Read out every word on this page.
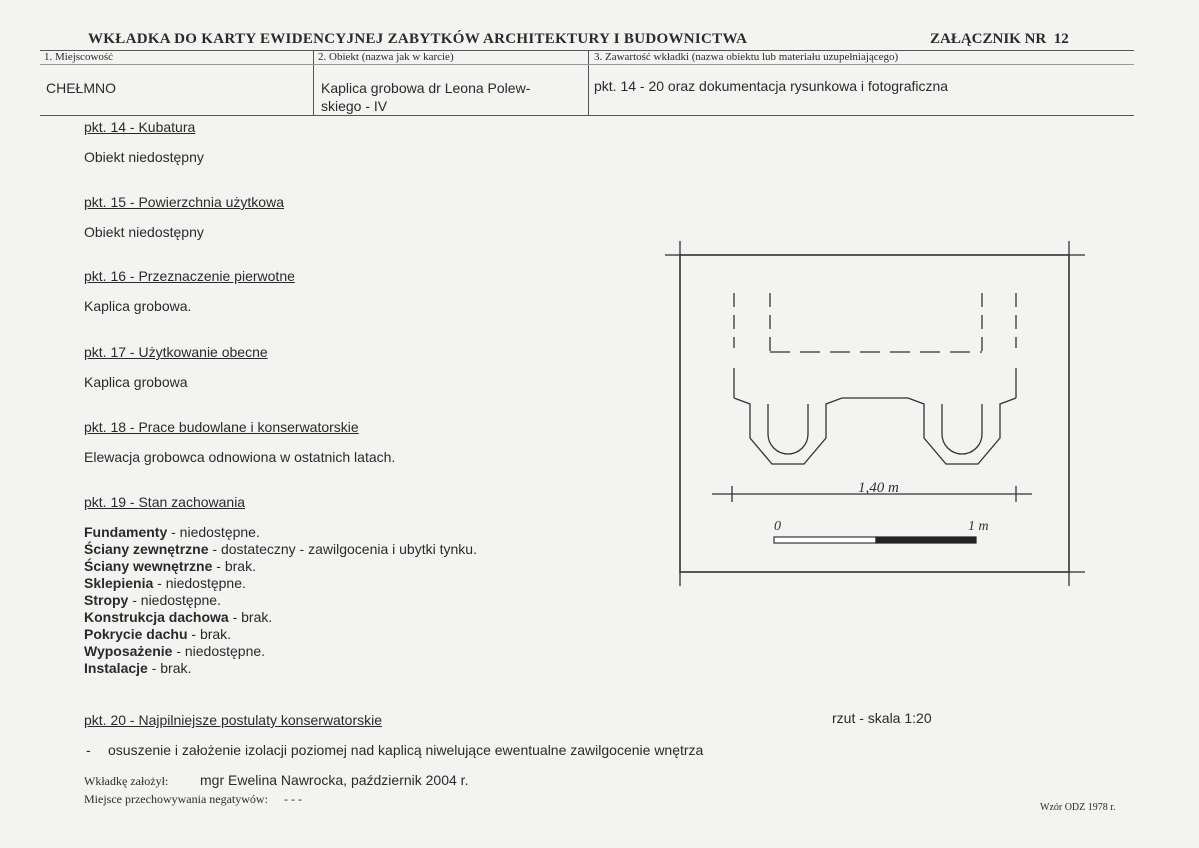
WKŁADKA DO KARTY EWIDENCYJNEJ ZABYTKÓW ARCHITEKTURY I BUDOWNICTWA	ZAŁĄCZNIK NR 12
1. Miejscowość
CHEŁMNO
2. Obiekt (nazwa jak w karcie)
Kaplica grobowa dr Leona Polew-
skiego - IV
3. Zawartość wkładki (nazwa obiektu lub materiału uzupełniającego)
pkt. 14 - 20 oraz dokumentacja rysunkowa i fotograficzna
pkt. 14 - Kubatura
Obiekt niedostępny
pkt. 15 - Powierzchnia użytkowa
Obiekt niedostępny
pkt. 16 - Przeznaczenie pierwotne
Kaplica grobowa.
pkt. 17 - Użytkowanie obecne
Kaplica grobowa
pkt. 18 - Prace budowlane i konserwatorskie
Elewacja grobowca odnowiona w ostatnich latach.
pkt. 19 - Stan zachowania
Fundamenty - niedostępne.
Ściany zewnętrzne - dostateczny - zawilgocenia i ubytki tynku.
Ściany wewnętrzne - brak.
Sklepienia - niedostępne.
Stropy - niedostępne.
Konstrukcja dachowa - brak.
Pokrycie dachu - brak.
Wyposażenie - niedostępne.
Instalacje - brak.
pkt. 20 - Najpilniejsze postulaty konserwatorskie
- osuszenie i założenie izolacji poziomej nad kaplicą niwelujące ewentualne zawilgocenie wnętrza
rzut - skala 1:20
1,40 m
0	1 m
Wkładkę założył: mgr Ewelina Nawrocka, październik 2004 r.
Miejsce przechowywania negatywów: - - -
Wzór ODZ 1978 r.
